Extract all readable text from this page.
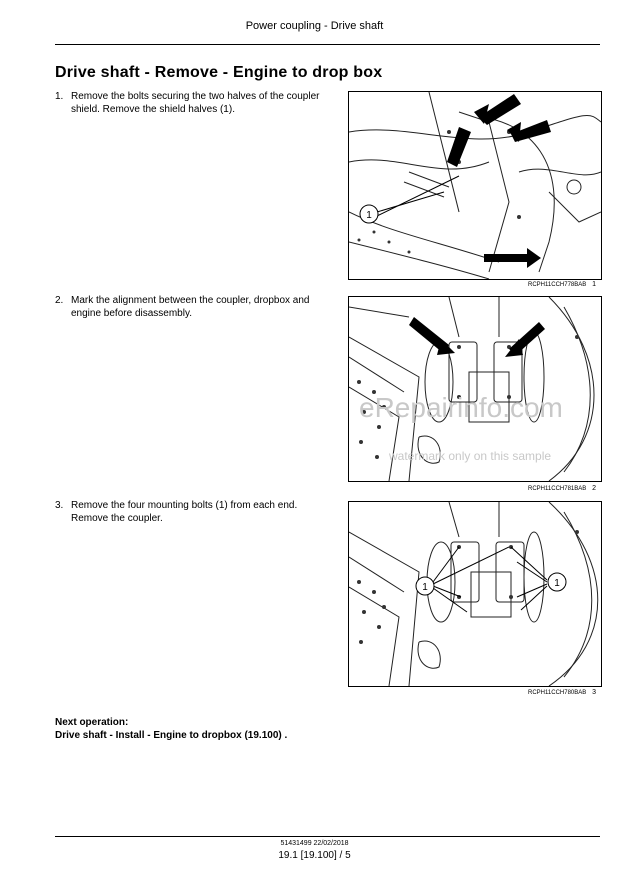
Power coupling - Drive shaft
Drive shaft - Remove - Engine to drop box
1. Remove the bolts securing the two halves of the coupler shield. Remove the shield halves (1).
2. Mark the alignment between the coupler, dropbox and engine before disassembly.
3. Remove the four mounting bolts (1) from each end. Remove the coupler.
1
RCPH11CCH778BAB 1
eRepairinfo.com
watermark only on this sample
RCPH11CCH781BAB 2
1	1
RCPH11CCH780BAB 3
Next operation:
Drive shaft - Install - Engine to dropbox (19.100) .
51431499 22/02/2018
19.1 [19.100] / 5
